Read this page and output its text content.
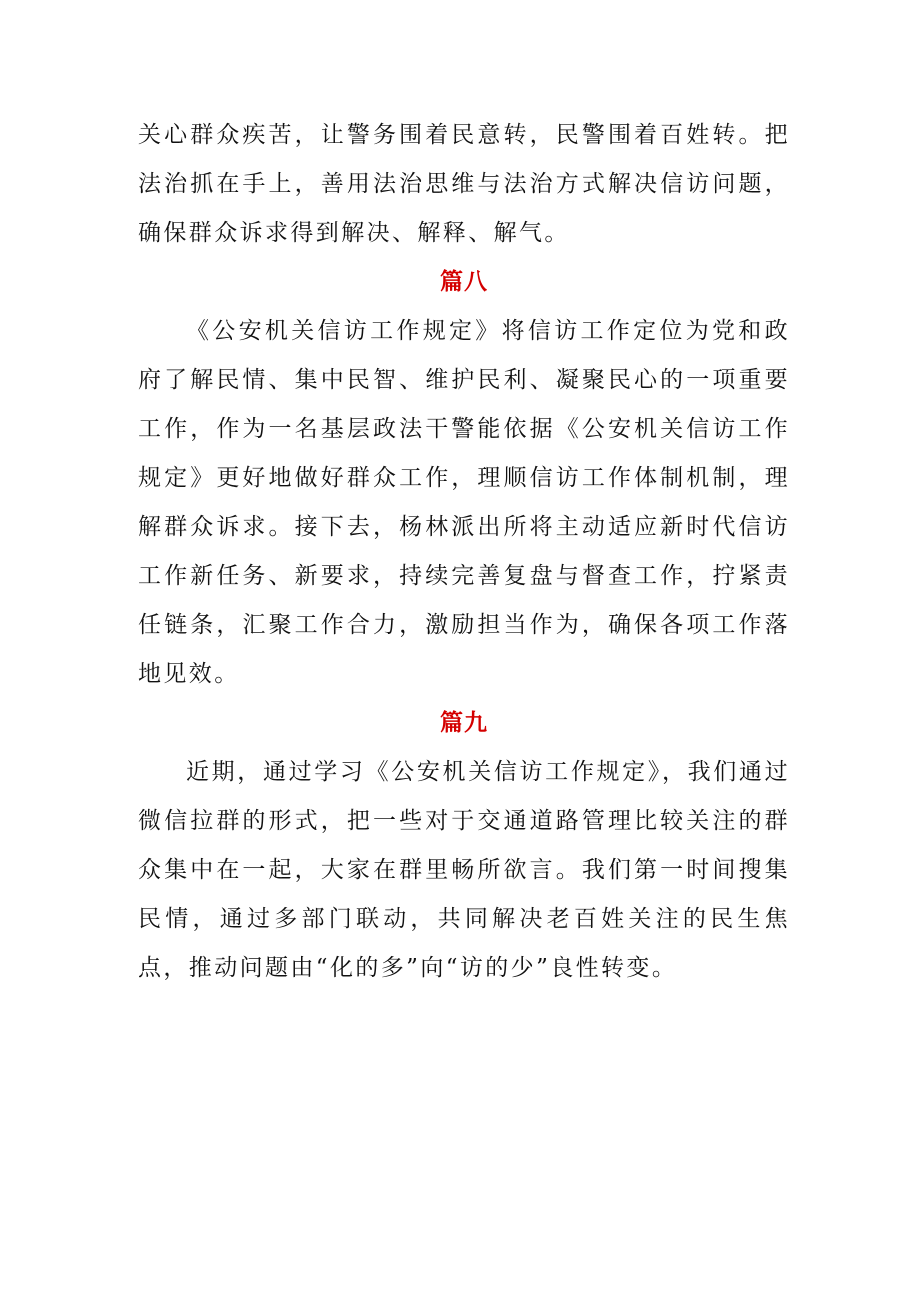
关心群众疾苦，让警务围着民意转，民警围着百姓转。把法治抓在手上，善用法治思维与法治方式解决信访问题，确保群众诉求得到解决、解释、解气。

篇八

《公安机关信访工作规定》将信访工作定位为党和政府了解民情、集中民智、维护民利、凝聚民心的一项重要工作，作为一名基层政法干警能依据《公安机关信访工作规定》更好地做好群众工作，理顺信访工作体制机制，理解群众诉求。接下去，杨林派出所将主动适应新时代信访工作新任务、新要求，持续完善复盘与督查工作，拧紧责任链条，汇聚工作合力，激励担当作为，确保各项工作落地见效。

篇九

近期，通过学习《公安机关信访工作规定》，我们通过微信拉群的形式，把一些对于交通道路管理比较关注的群众集中在一起，大家在群里畅所欲言。我们第一时间搜集民情，通过多部门联动，共同解决老百姓关注的民生焦点，推动问题由“化的多”向“访的少”良性转变。
